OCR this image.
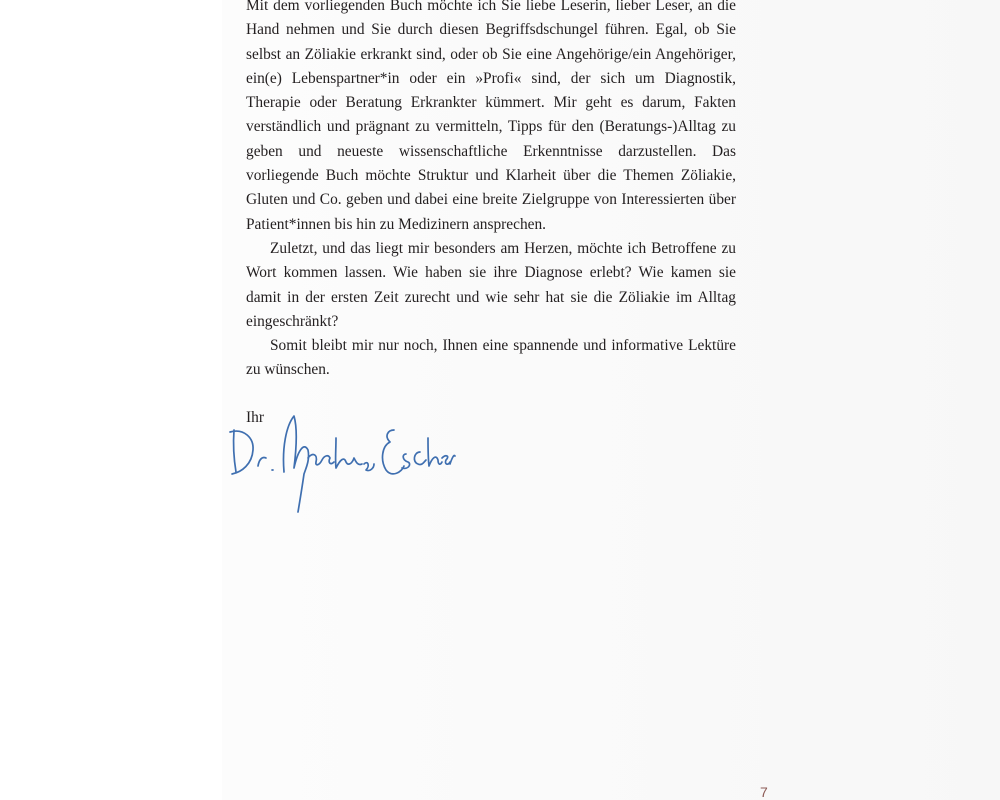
Mit dem vorliegenden Buch möchte ich Sie liebe Leserin, lieber Leser, an die Hand nehmen und Sie durch diesen Begriffsdschungel führen. Egal, ob Sie selbst an Zöliakie erkrankt sind, oder ob Sie eine Angehörige/ein Angehöriger, ein(e) Lebenspartner*in oder ein »Profi« sind, der sich um Diagnostik, Therapie oder Beratung Erkrankter kümmert. Mir geht es darum, Fakten verständlich und prägnant zu vermitteln, Tipps für den (Beratungs-)Alltag zu geben und neueste wissenschaftliche Erkenntnisse darzustellen. Das vorliegende Buch möchte Struktur und Klarheit über die Themen Zöliakie, Gluten und Co. geben und dabei eine breite Zielgruppe von Interessierten über Patient*innen bis hin zu Medizinern ansprechen.

Zuletzt, und das liegt mir besonders am Herzen, möchte ich Betroffene zu Wort kommen lassen. Wie haben sie ihre Diagnose erlebt? Wie kamen sie damit in der ersten Zeit zurecht und wie sehr hat sie die Zöliakie im Alltag eingeschränkt?

Somit bleibt mir nur noch, Ihnen eine spannende und informative Lektüre zu wünschen.

Ihr
7
